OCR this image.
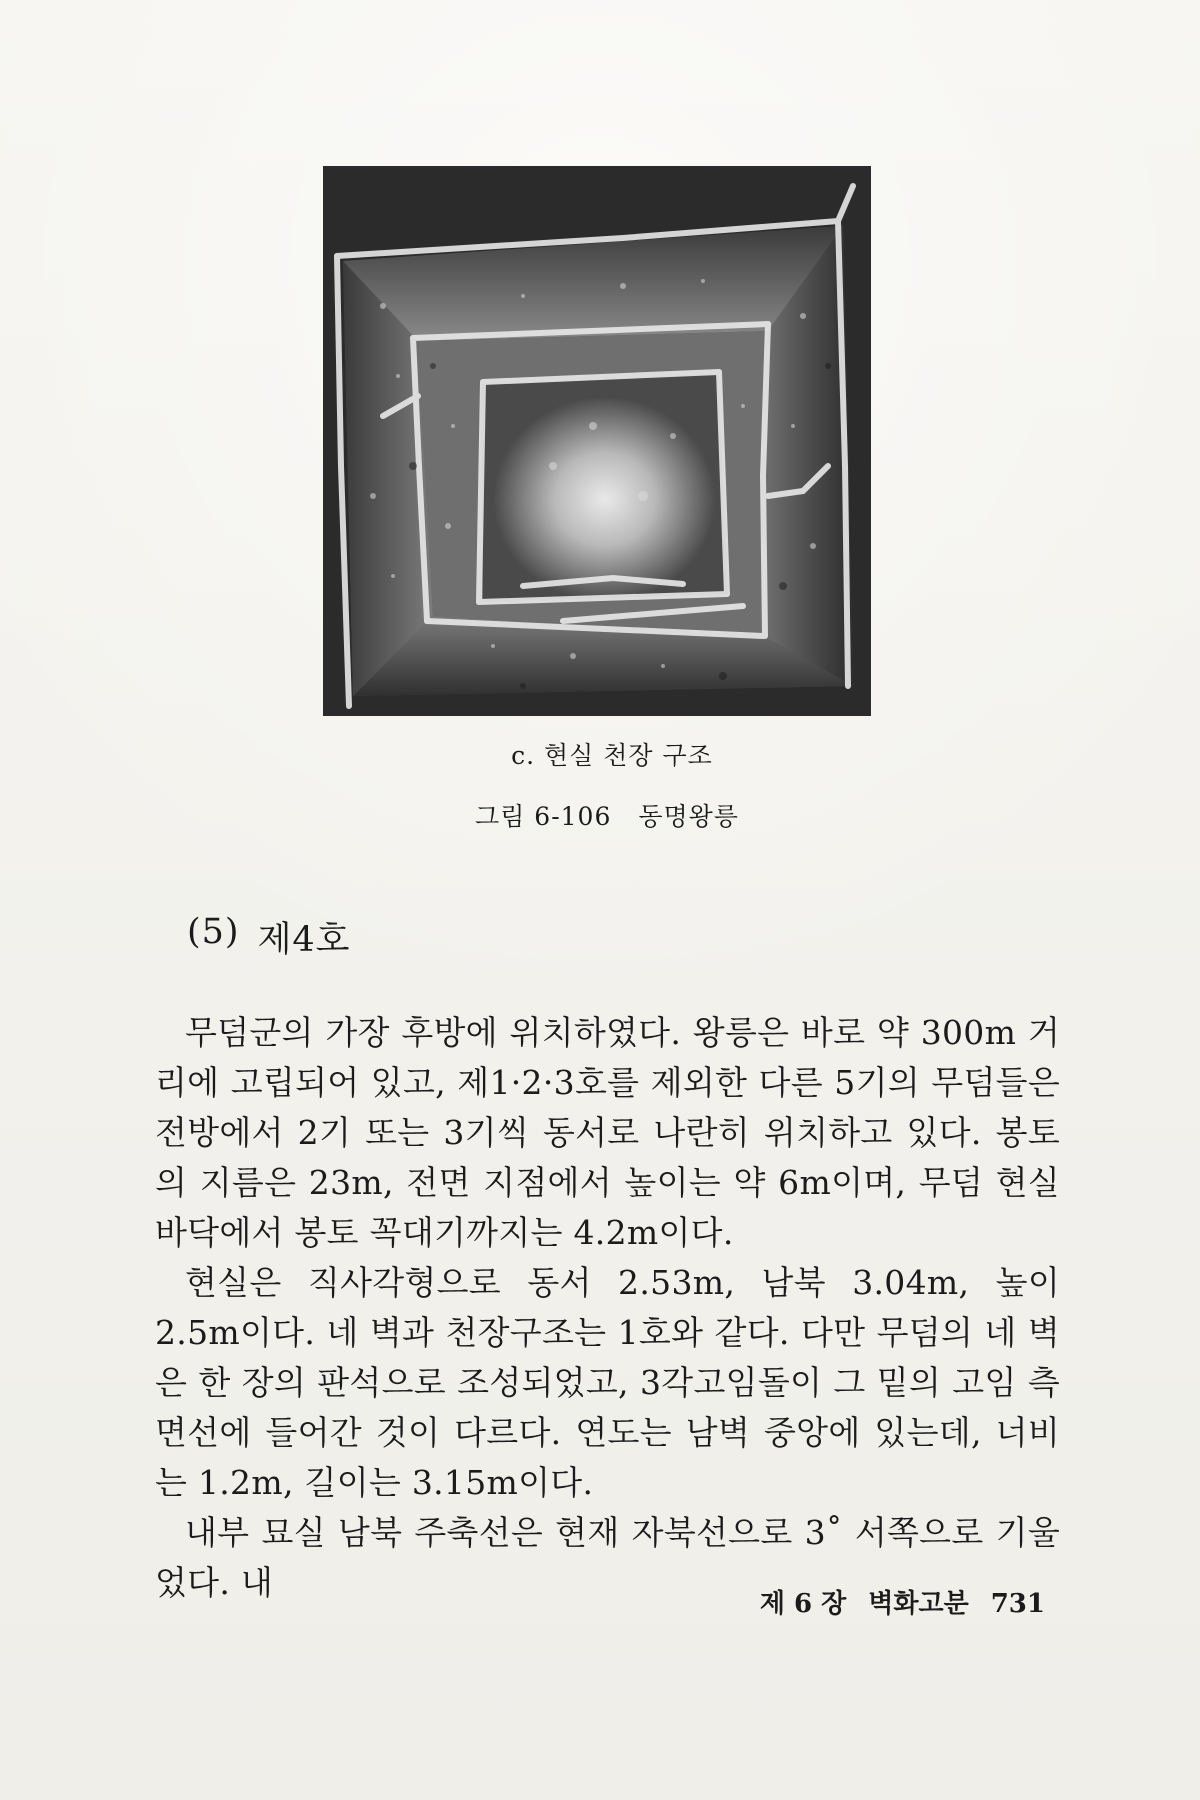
c. 현실 천장 구조
그림 6-106 동명왕릉
(5) 제4호

무덤군의 가장 후방에 위치하였다. 왕릉은 바로 약 300m 거리에 고립되어 있고, 제1·2·3호를 제외한 다른 5기의 무덤들은 전방에서 2기 또는 3기씩 동서로 나란히 위치하고 있다. 봉토의 지름은 23m, 전면 지점에서 높이는 약 6m이며, 무덤 현실 바닥에서 봉토 꼭대기까지는 4.2m이다.

현실은 직사각형으로 동서 2.53m, 남북 3.04m, 높이 2.5m이다. 네 벽과 천장구조는 1호와 같다. 다만 무덤의 네 벽은 한 장의 판석으로 조성되었고, 3각고임돌이 그 밑의 고임 측면선에 들어간 것이 다르다. 연도는 남벽 중앙에 있는데, 너비는 1.2m, 길이는 3.15m이다.

내부 묘실 남북 주축선은 현재 자북선으로 3˚ 서쪽으로 기울었다. 내

제 6 장 벽화고분 731
